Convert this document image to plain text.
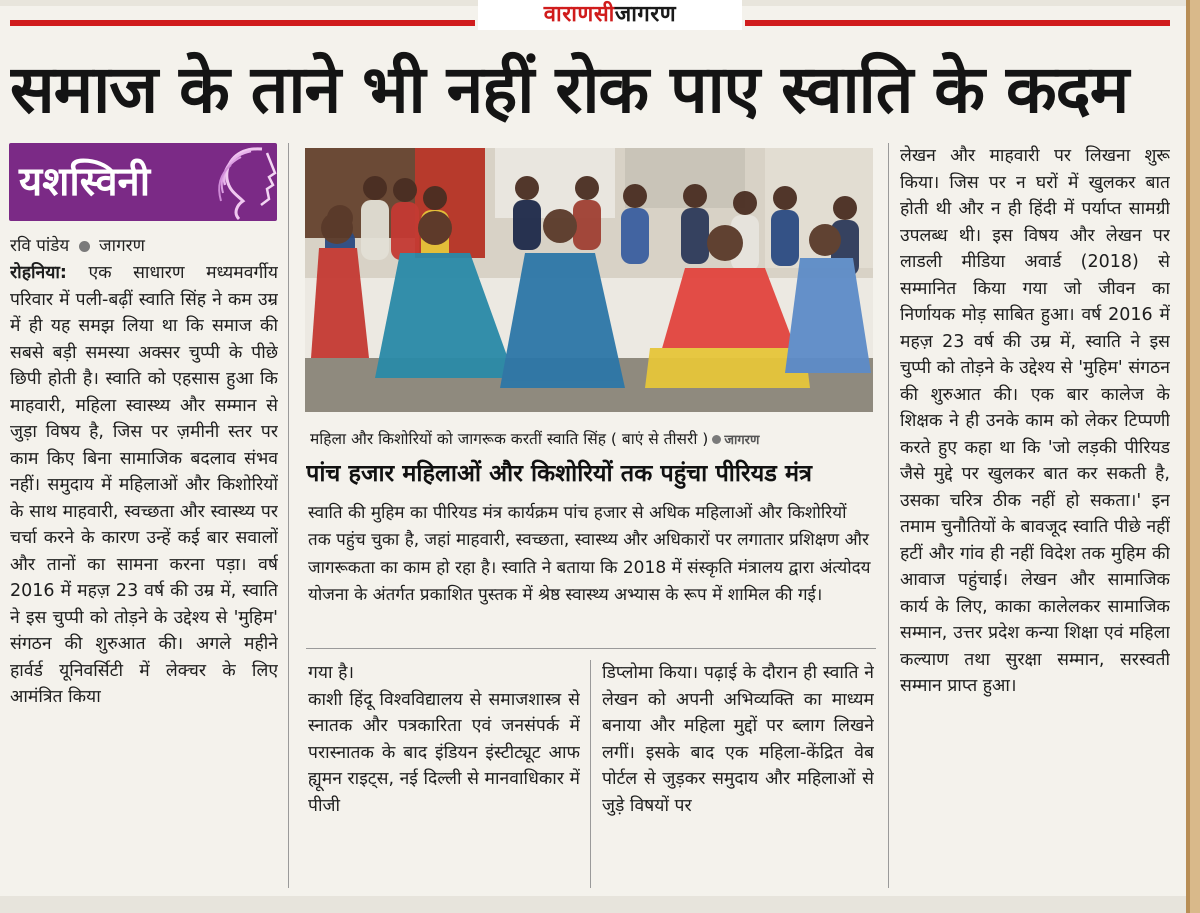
वाराणसीजागरण
समाज के ताने भी नहीं रोक पाए स्वाति के कदम
यशस्विनी
रवि पांडेय जागरण
रोहनिया: एक साधारण मध्यमवर्गीय परिवार में पली-बढ़ीं स्वाति सिंह ने कम उम्र में ही यह समझ लिया था कि समाज की सबसे बड़ी समस्या अक्सर चुप्पी के पीछे छिपी होती है। स्वाति को एहसास हुआ कि माहवारी, महिला स्वास्थ्य और सम्मान से जुड़ा विषय है, जिस पर ज़मीनी स्तर पर काम किए बिना सामाजिक बदलाव संभव नहीं। समुदाय में महिलाओं और किशोरियों के साथ माहवारी, स्वच्छता और स्वास्थ्य पर चर्चा करने के कारण उन्हें कई बार सवालों और तानों का सामना करना पड़ा। वर्ष 2016 में महज़ 23 वर्ष की उम्र में, स्वाति ने इस चुप्पी को तोड़ने के उद्देश्य से 'मुहिम' संगठन की शुरुआत की। अगले महीने हार्वर्ड यूनिवर्सिटी में लेक्चर के लिए आमंत्रित किया
महिला और किशोरियों को जागरूक करतीं स्वाति सिंह ( बाएं से तीसरी ) जागरण
पांच हजार महिलाओं और किशोरियों तक पहुंचा पीरियड मंत्र
स्वाति की मुहिम का पीरियड मंत्र कार्यक्रम पांच हजार से अधिक महिलाओं और किशोरियों तक पहुंच चुका है, जहां माहवारी, स्वच्छता, स्वास्थ्य और अधिकारों पर लगातार प्रशिक्षण और जागरूकता का काम हो रहा है। स्वाति ने बताया कि 2018 में संस्कृति मंत्रालय द्वारा अंत्योदय योजना के अंतर्गत प्रकाशित पुस्तक में श्रेष्ठ स्वास्थ्य अभ्यास के रूप में शामिल की गई।
गया है।
काशी हिंदू विश्वविद्यालय से समाजशास्त्र से स्नातक और पत्रकारिता एवं जनसंपर्क में परास्नातक के बाद इंडियन इंस्टीट्यूट आफ ह्यूमन राइट्स, नई दिल्ली से मानवाधिकार में पीजी
डिप्लोमा किया। पढ़ाई के दौरान ही स्वाति ने लेखन को अपनी अभिव्यक्ति का माध्यम बनाया और महिला मुद्दों पर ब्लाग लिखने लगीं। इसके बाद एक महिला-केंद्रित वेब पोर्टल से जुड़कर समुदाय और महिलाओं से जुड़े विषयों पर
लेखन और माहवारी पर लिखना शुरू किया। जिस पर न घरों में खुलकर बात होती थी और न ही हिंदी में पर्याप्त सामग्री उपलब्ध थी। इस विषय और लेखन पर लाडली मीडिया अवार्ड (2018) से सम्मानित किया गया जो जीवन का निर्णायक मोड़ साबित हुआ। वर्ष 2016 में महज़ 23 वर्ष की उम्र में, स्वाति ने इस चुप्पी को तोड़ने के उद्देश्य से 'मुहिम' संगठन की शुरुआत की। एक बार कालेज के शिक्षक ने ही उनके काम को लेकर टिप्पणी करते हुए कहा था कि 'जो लड़की पीरियड जैसे मुद्दे पर खुलकर बात कर सकती है, उसका चरित्र ठीक नहीं हो सकता।' इन तमाम चुनौतियों के बावजूद स्वाति पीछे नहीं हटीं और गांव ही नहीं विदेश तक मुहिम की आवाज पहुंचाई। लेखन और सामाजिक कार्य के लिए, काका कालेलकर सामाजिक सम्मान, उत्तर प्रदेश कन्या शिक्षा एवं महिला कल्याण तथा सुरक्षा सम्मान, सरस्वती सम्मान प्राप्त हुआ।
